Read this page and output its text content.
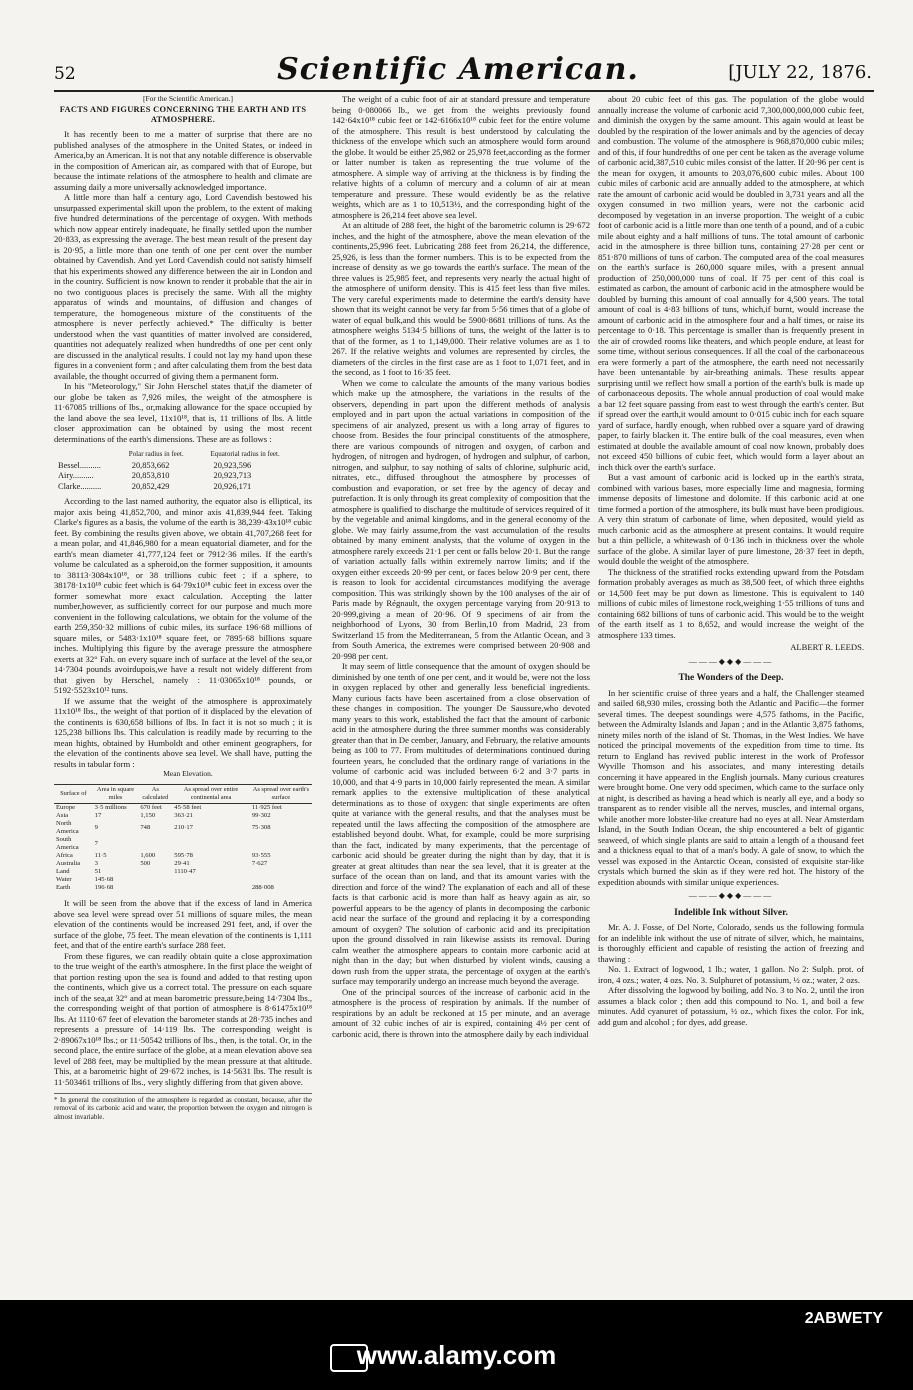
52	Scientific American.	[JULY 22, 1876.

[For the Scientific American.]

FACTS AND FIGURES CONCERNING THE EARTH AND ITS ATMOSPHERE.

It has recently been to me a matter of surprise that there are no published analyses of the atmosphere in the United States, or indeed in America,by an American. It is not that any notable difference is observable in the composition of American air, as compared with that of Europe, but because the intimate relations of the atmosphere to health and climate are assuming daily a more universally acknowledged importance.

A little more than half a century ago, Lord Cavendish bestowed his unsurpassed experimental skill upon the problem, to the extent of making five hundred determinations of the percentage of oxygen. With methods which now appear entirely inadequate, he finally settled upon the number 20·833, as expressing the average. The best mean result of the present day is 20·95, a little more than one tenth of one per cent over the number obtained by Cavendish. And yet Lord Cavendish could not satisfy himself that his experiments showed any difference between the air in London and in the country. Sufficient is now known to render it probable that the air in no two contiguous places is precisely the same. With all the mighty apparatus of winds and mountains, of diffusion and changes of temperature, the homogeneous mixture of the constituents of the atmosphere is never perfectly achieved.* The difficulty is better understood when the vast quantities of matter involved are considered, quantities not adequately realized when hundredths of one per cent only are discussed in the analytical results. I could not lay my hand upon these figures in a convenient form ; and after calculating them from the best data available, the thought occurred of giving them a permanent form.

In his "Meteorology," Sir John Herschel states that,if the diameter of our globe be taken as 7,926 miles, the weight of the atmosphere is 11·67085 trillions of lbs., or,making allowance for the space occupied by the land above the sea level, 11x10¹⁸, that is, 11 trillions of lbs. A little closer approximation can be obtained by using the most recent determinations of the earth's dimensions. These are as follows :

	Polar radius in feet.	Equatorial radius in feet.
Bessel..........	20,853,662	20,923,596
Airy..........	20,853,810	20,923,713
Clarke..........	20,852,429	20,926,171

According to the last named authority, the equator also is elliptical, its major axis being 41,852,700, and minor axis 41,839,944 feet. Taking Clarke's figures as a basis, the volume of the earth is 38,239·43x10¹⁸ cubic feet. By combining the results given above, we obtain 41,707,268 feet for a mean polar, and 41,846,980 for a mean equatorial diameter, and for the earth's mean diameter 41,777,124 feet or 7912·36 miles. If the earth's volume be calculated as a spheroid,on the former supposition, it amounts to 38113·3084x10¹⁸, or 38 trillions cubic feet ; if a sphere, to 38178·1x10¹⁸ cubic feet which is 64·79x10¹⁸ cubic feet in excess over the former somewhat more exact calculation. Accepting the latter number,however, as sufficiently correct for our purpose and much more convenient in the following calculations, we obtain for the volume of the earth 259,350·32 millions of cubic miles, its surface 196·68 millions of square miles, or 5483·1x10¹⁸ square feet, or 7895·68 billions square inches. Multiplying this figure by the average pressure the atmosphere exerts at 32° Fah. on every square inch of surface at the level of the sea,or 14·7304 pounds avoirdupois,we have a result not widely different from that given by Herschel, namely : 11·03065x10¹⁸ pounds, or 5192·5523x10¹² tuns.

If we assume that the weight of the atmosphere is approximately 11x10¹⁸ lbs., the weight of that portion of it displaced by the elevation of the continents is 630,658 billions of lbs. In fact it is not so much ; it is 125,238 billions lbs. This calculation is readily made by recurring to the mean hights, obtained by Humboldt and other eminent geographers, for the elevation of the continents above sea level. We shall have, putting the results in tabular form :

Mean Elevation.

Surface of	Area in square miles	As calculated	As spread over entire continental area	As spread over earth's surface
Europe	3·5 millions	670 feet	45·58 feet	11·925 feet
Asia	17	1,150	363·21	99·302
North America	9	748	210·17	75·308
South America	7			
Africa	11·5	1,600	595·78	93·555
Australia	3	500	29·41	7·627
Land	51		1110·47	
Water	145·68			
Earth	196·68			288·008

It will be seen from the above that if the excess of land in America above sea level were spread over 51 millions of square miles, the mean elevation of the continents would be increased 291 feet, and, if over the surface of the globe, 75 feet. The mean elevation of the continents is 1,111 feet, and that of the entire earth's surface 288 feet.

From these figures, we can readily obtain quite a close approximation to the true weight of the earth's atmosphere. In the first place the weight of that portion resting upon the sea is found and added to that resting upon the continents, which give us a correct total. The pressure on each square inch of the sea,at 32° and at mean barometric pressure,being 14·7304 lbs., the corresponding weight of that portion of atmosphere is 8·61475x10¹⁸ lbs. At 1110·67 feet of elevation the barometer stands at 28·735 inches and represents a pressure of 14·119 lbs. The corresponding weight is 2·89067x10¹⁸ lbs.; or 11·50542 trillions of lbs., then, is the total. Or, in the second place, the entire surface of the globe, at a mean elevation above sea level of 288 feet, may be multiplied by the mean pressure at that altitude. This, at a barometric hight of 29·672 inches, is 14·5631 lbs. The result is 11·503461 trillions of lbs., very slightly differing from that given above.

* In general the constitution of the atmosphere is regarded as constant, because, after the removal of its carbonic acid and water, the proportion between the oxygen and nitrogen is almost invariable.

The weight of a cubic foot of air at standard pressure and temperature being 0·080066 lb., we get from the weights previously found 142·64x10¹⁸ cubic feet or 142·6166x10¹⁸ cubic feet for the entire volume of the atmosphere. This result is best understood by calculating the thickness of the envelope which such an atmosphere would form around the globe. It would be either 25,982 or 25,978 feet,according as the former or latter number is taken as representing the true volume of the atmosphere. A simple way of arriving at the thickness is by finding the relative hights of a column of mercury and a column of air at mean temperature and pressure. These would evidently be as the relative weights, which are as 1 to 10,513½, and the corresponding hight of the atmosphere is 26,214 feet above sea level.

At an altitude of 288 feet, the hight of the barometric column is 29·672 inches, and the hight of the atmosphere, above the mean elevation of the continents,25,996 feet. Lubricating 288 feet from 26,214, the difference, 25,926, is less than the former numbers. This is to be expected from the increase of density as we go towards the earth's surface. The mean of the three values is 25,985 feet, and represents very nearly the actual hight of the atmosphere of uniform density. This is 415 feet less than five miles. The very careful experiments made to determine the earth's density have shown that its weight cannot be very far from 5·56 times that of a globe of water of equal bulk,and this would be 5900·8681 trillions of tuns. As the atmosphere weighs 5134·5 billions of tuns, the weight of the latter is to that of the former, as 1 to 1,149,000. Their relative volumes are as 1 to 267. If the relative weights and volumes are represented by circles, the diameters of the circles in the first case are as 1 foot to 1,071 feet, and in the second, as 1 foot to 16·35 feet.

When we come to calculate the amounts of the many various bodies which make up the atmosphere, the variations in the results of the observers, depending in part upon the different methods of analysis employed and in part upon the actual variations in composition of the specimens of air analyzed, present us with a long array of figures to choose from. Besides the four principal constituents of the atmosphere, there are various compounds of nitrogen and oxygen, of carbon and hydrogen, of nitrogen and hydrogen, of hydrogen and sulphur, of carbon, nitrogen, and sulphur, to say nothing of salts of chlorine, sulphuric acid, nitrates, etc., diffused throughout the atmosphere by processes of combustion and evaporation, or set free by the agency of decay and putrefaction. It is only through its great complexity of composition that the atmosphere is qualified to discharge the multitude of services required of it by the vegetable and animal kingdoms, and in the general economy of the globe. We may fairly assume,from the vast accumulation of the results obtained by many eminent analysts, that the volume of oxygen in the atmosphere rarely exceeds 21·1 per cent or falls below 20·1. But the range of variation actually falls within extremely narrow limits; and if the oxygen either exceeds 20·99 per cent, or faces below 20·9 per cent, there is reason to look for accidental circumstances modifying the average composition. This was strikingly shown by the 100 analyses of the air of Paris made by Régnault, the oxygen percentage varying from 20·913 to 20·999,giving a mean of 20·96. Of 9 specimens of air from the neighborhood of Lyons, 30 from Berlin,10 from Madrid, 23 from Switzerland 15 from the Mediterranean, 5 from the Atlantic Ocean, and 3 from South America, the extremes were comprised between 20·908 and 20·998 per cent.

It may seem of little consequence that the amount of oxygen should be diminished by one tenth of one per cent, and it would be, were not the loss in oxygen replaced by other and generally less beneficial ingredients. Many curious facts have been ascertained from a close observation of these changes in composition. The younger De Saussure,who devoted many years to this work, established the fact that the amount of carbonic acid in the atmosphere during the three summer months was considerably greater than that in De cember, January, and February, the relative amounts being as 100 to 77. From multitudes of determinations continued during fourteen years, he concluded that the ordinary range of variations in the volume of carbonic acid was included between 6·2 and 3·7 parts in 10,000, and that 4·9 parts in 10,000 fairly represented the mean. A similar remark applies to the extensive multiplication of these analytical determinations as to those of oxygen: that single experiments are often quite at variance with the general results, and that the analyses must be repeated until the laws affecting the composition of the atmosphere are established beyond doubt. What, for example, could be more surprising than the fact, indicated by many experiments, that the percentage of carbonic acid should be greater during the night than by day, that it is greater at great altitudes than near the sea level, that it is greater at the surface of the ocean than on land, and that its amount varies with the direction and force of the wind? The explanation of each and all of these facts is that carbonic acid is more than half as heavy again as air, so powerful appears to be the agency of plants in decomposing the carbonic acid near the surface of the ground and replacing it by a corresponding amount of oxygen? The solution of carbonic acid and its precipitation upon the ground dissolved in rain likewise assists its removal. During calm weather the atmosphere appears to contain more carbonic acid at night than in the day; but when disturbed by violent winds, causing a down rush from the upper strata, the percentage of oxygen at the earth's surface may temporarily undergo an increase much beyond the average.

One of the principal sources of the increase of carbonic acid in the atmosphere is the process of respiration by animals. If the number of respirations by an adult be reckoned at 15 per minute, and an average amount of 32 cubic inches of air is expired, containing 4½ per cent of carbonic acid, there is thrown into the atmosphere daily by each individual

about 20 cubic feet of this gas. The population of the globe would annually increase the volume of carbonic acid 7,300,000,000,000 cubic feet, and diminish the oxygen by the same amount. This again would at least be doubled by the respiration of the lower animals and by the agencies of decay and combustion. The volume of the atmosphere is 968,870,000 cubic miles; and of this, if four hundredths of one per cent be taken as the average volume of carbonic acid,387,510 cubic miles consist of the latter. If 20·96 per cent is the mean for oxygen, it amounts to 203,076,600 cubic miles. About 100 cubic miles of carbonic acid are annually added to the atmosphere, at which rate the amount of carbonic acid would be doubled in 3,731 years and all the oxygen consumed in two million years, were not the carbonic acid decomposed by vegetation in an inverse proportion. The weight of a cubic foot of carbonic acid is a little more than one tenth of a pound, and of a cubic mile about eighty and a half millions of tuns. The total amount of carbonic acid in the atmosphere is three billion tuns, containing 27·28 per cent or 851·870 millions of tuns of carbon. The computed area of the coal measures on the earth's surface is 260,000 square miles, with a present annual production of 250,000,000 tuns of coal. If 75 per cent of this coal is estimated as carbon, the amount of carbonic acid in the atmosphere would be doubled by burning this amount of coal annually for 4,500 years. The total amount of coal is 4·83 billions of tuns, which,if burnt, would increase the amount of carbonic acid in the atmosphere four and a half times, or raise its percentage to 0·18. This percentage is smaller than is frequently present in the air of crowded rooms like theaters, and which people endure, at least for some time, without serious consequences. If all the coal of the carbonaceous era were formerly a part of the atmosphere, the earth need not necessarily have been untenantable by air-breathing animals. These results appear surprising until we reflect how small a portion of the earth's bulk is made up of carbonaceous deposits. The whole annual production of coal would make a bar 12 feet square passing from east to west through the earth's center. But if spread over the earth,it would amount to 0·015 cubic inch for each square yard of surface, hardly enough, when rubbed over a square yard of drawing paper, to fairly blacken it. The entire bulk of the coal measures, even when estimated at double the available amount of coal now known, probably does not exceed 450 billions of cubic feet, which would form a layer about an inch thick over the earth's surface.

But a vast amount of carbonic acid is locked up in the earth's strata, combined with various bases, more especially lime and magnesia, forming immense deposits of limestone and dolomite. If this carbonic acid at one time formed a portion of the atmosphere, its bulk must have been prodigious. A very thin stratum of carbonate of lime, when deposited, would yield as much carbonic acid as the atmosphere at present contains. It would require but a thin pellicle, a whitewash of 0·136 inch in thickness over the whole surface of the globe. A similar layer of pure limestone, 28·37 feet in depth, would double the weight of the atmosphere.

The thickness of the stratified rocks extending upward from the Potsdam formation probably averages as much as 38,500 feet, of which three eighths or 14,500 feet may be put down as limestone. This is equivalent to 140 millions of cubic miles of limestone rock,weighing 1·55 trillions of tuns and containing 682 billions of tuns of carbonic acid. This would be to the weight of the earth itself as 1 to 8,652, and would increase the weight of the atmosphere 133 times.

ALBERT R. LEEDS.
———◆◆◆———
The Wonders of the Deep.

In her scientific cruise of three years and a half, the Challenger steamed and sailed 68,930 miles, crossing both the Atlantic and Pacific—the former several times. The deepest soundings were 4,575 fathoms, in the Pacific, between the Admiralty Islands and Japan ; and in the Atlantic 3,875 fathoms, ninety miles north of the island of St. Thomas, in the West Indies. We have noticed the principal movements of the expedition from time to time. Its return to England has revived public interest in the work of Professor Wyville Thomson and his associates, and many interesting details concerning it have appeared in the English journals. Many curious creatures were brought home. One very odd specimen, which came to the surface only at night, is described as having a head which is nearly all eye, and a body so transparent as to render visible all the nerves, muscles, and internal organs, while another more lobster-like creature had no eyes at all. Near Amsterdam Island, in the South Indian Ocean, the ship encountered a belt of gigantic seaweed, of which single plants are said to attain a length of a thousand feet and a thickness equal to that of a man's body. A gale of snow, to which the vessel was exposed in the Antarctic Ocean, consisted of exquisite star-like crystals which burned the skin as if they were red hot. The history of the expedition abounds with similar unique experiences.

———◆◆◆———
Indelible Ink without Silver.

Mr. A. J. Fosse, of Del Norte, Colorado, sends us the following formula for an indelible ink without the use of nitrate of silver, which, he maintains, is thoroughly efficient and capable of resisting the action of freezing and thawing :

No. 1. Extract of logwood, 1 lb.; water, 1 gallon. No 2: Sulph. prot. of iron, 4 ozs.; water, 4 ozs. No. 3. Sulphuret of potassium, ½ oz.; water, 2 ozs.

After dissolving the logwood by boiling, add No. 3 to No. 2, until the iron assumes a black color ; then add this compound to No. 1, and boil a few minutes. Add cyanuret of potassium, ½ oz., which fixes the color. For ink, add gum and alcohol ; for dyes, add grease.

2ABWETY
www.alamy.com
